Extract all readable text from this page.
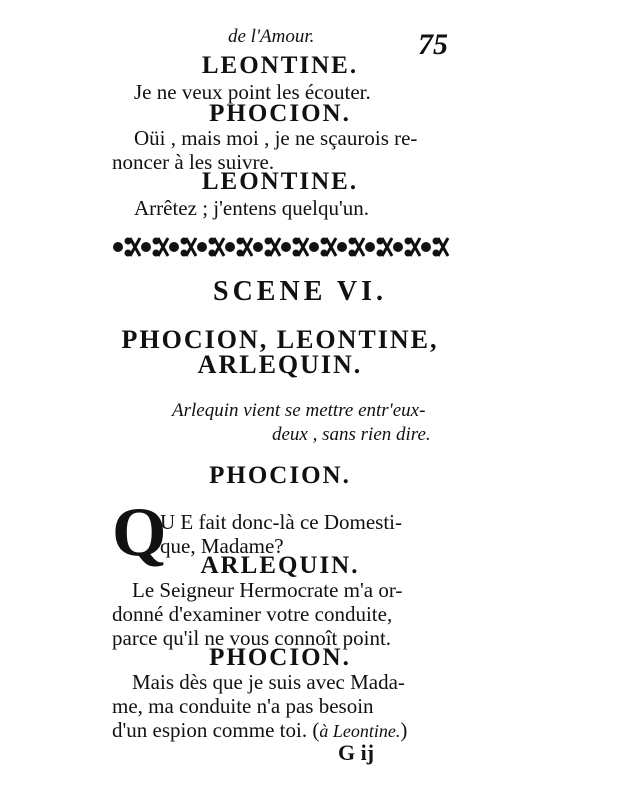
de l'Amour.	75
LEONTINE.
Je ne veux point les écouter.
PHOCION.
Oüi , mais moi , je ne sçaurois re-
noncer à les suivre.
LEONTINE.
Arrêtez ; j'entens quelqu'un.
SCENE VI.
PHOCION, LEONTINE,
ARLEQUIN.
Arlequin vient se mettre entr'eux-
deux , sans rien dire.
PHOCION.
Q
U E fait donc-là ce Domesti-
que, Madame?
ARLEQUIN.
Le Seigneur Hermocrate m'a or-
donné d'examiner votre conduite,
parce qu'il ne vous connoît point.
PHOCION.
Mais dès que je suis avec Mada-
me, ma conduite n'a pas besoin
d'un espion comme toi. (à Leontine.)
G ij
